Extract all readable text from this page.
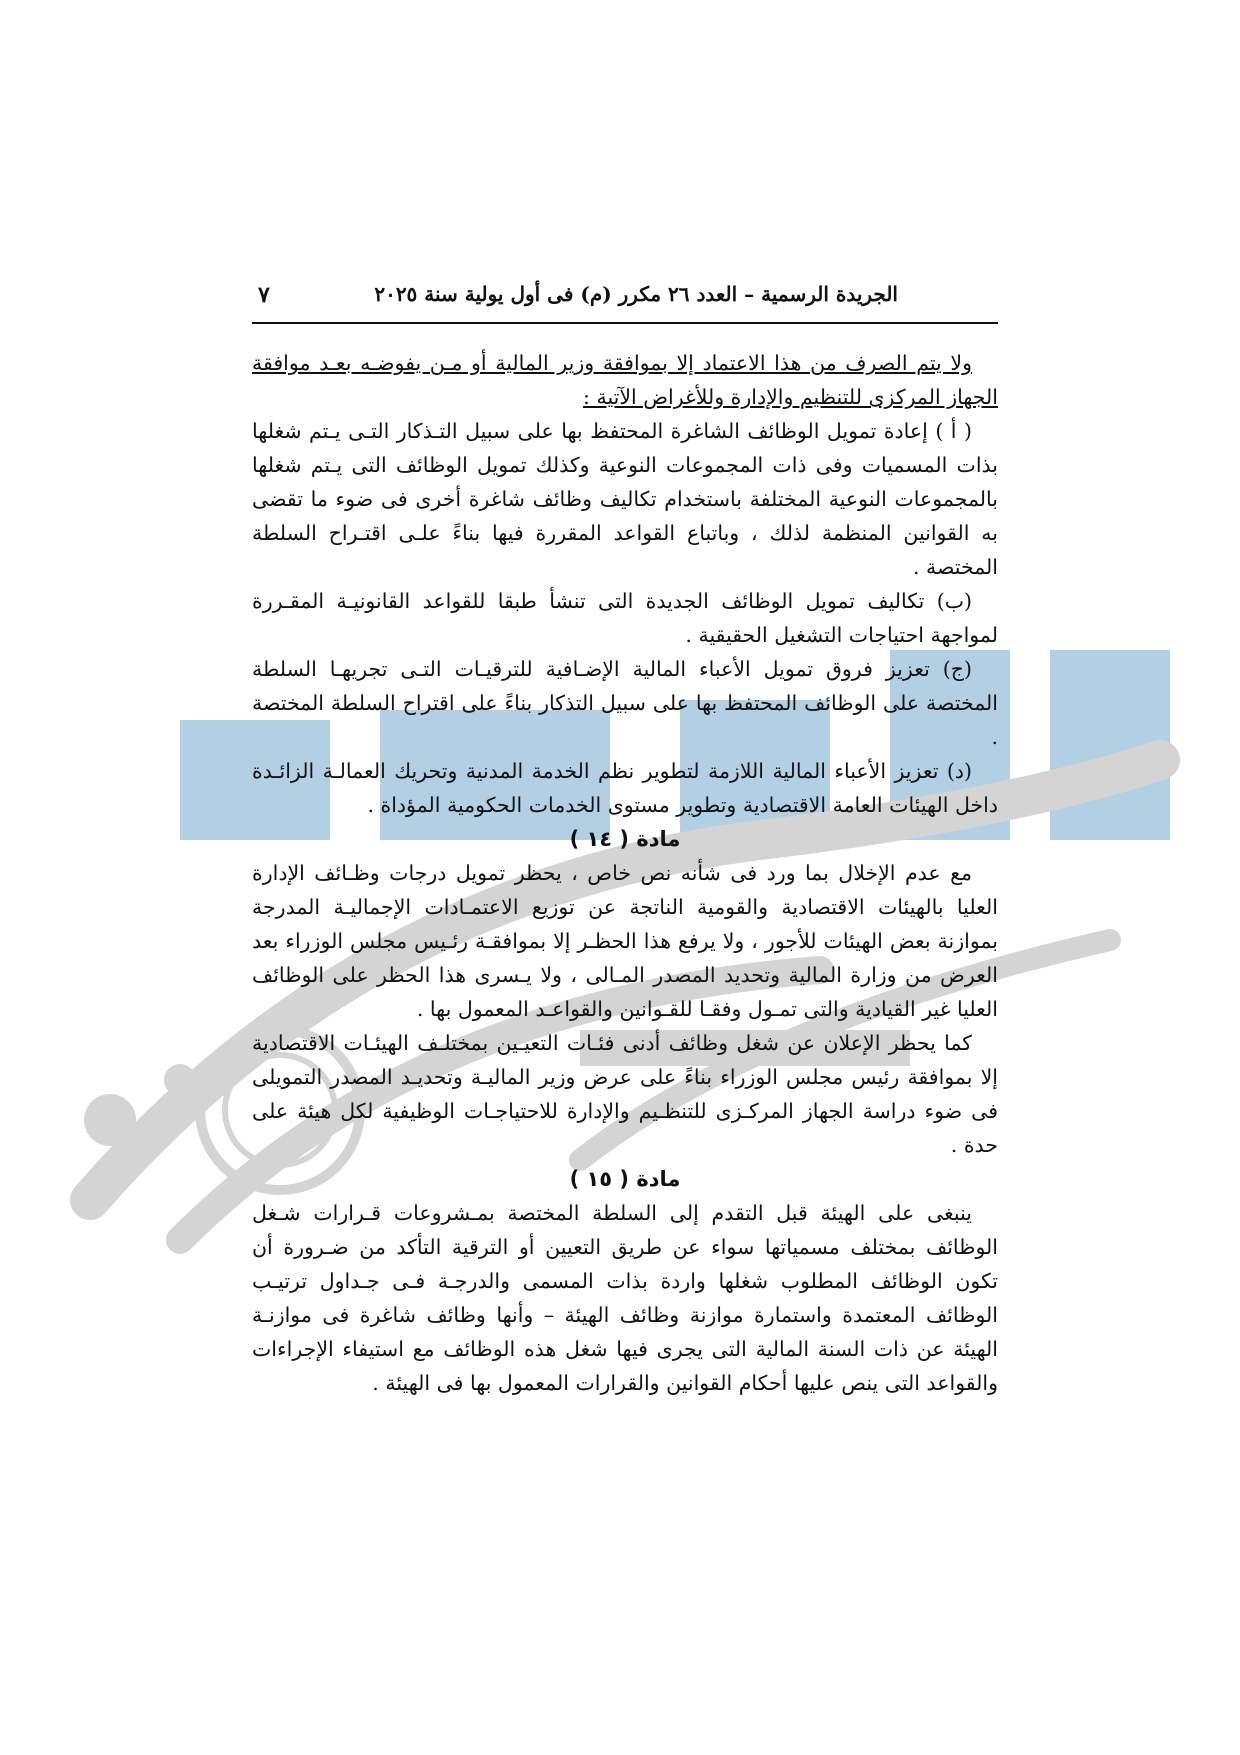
الجريدة الرسمية – العدد ٢٦ مكرر (م) فى أول يولية سنة ٢٠٢٥
٧

ولا يتم الصرف من هذا الاعتماد إلا بموافقة وزير المالية أو مـن يفوضـه بعـد موافقة الجهاز المركزى للتنظيم والإدارة وللأغراض الآتية :

( أ ) إعادة تمويل الوظائف الشاغرة المحتفظ بها على سبيل التـذكار التـى يـتم شغلها بذات المسميات وفى ذات المجموعات النوعية وكذلك تمويل الوظائف التى يـتم شغلها بالمجموعات النوعية المختلفة باستخدام تكاليف وظائف شاغرة أخرى فى ضوء ما تقضى به القوانين المنظمة لذلك ، وباتباع القواعد المقررة فيها بناءً علـى اقتـراح السلطة المختصة .

(ب) تكاليف تمويل الوظائف الجديدة التى تنشأ طبقا للقواعد القانونيـة المقـررة لمواجهة احتياجات التشغيل الحقيقية .

(ج) تعزيز فروق تمويل الأعباء المالية الإضـافية للترقيـات التـى تجريهـا السلطة المختصة على الوظائف المحتفظ بها على سبيل التذكار بناءً على اقتراح السلطة المختصة .

(د) تعزيز الأعباء المالية اللازمة لتطوير نظم الخدمة المدنية وتحريك العمالـة الزائـدة داخل الهيئات العامة الاقتصادية وتطوير مستوى الخدمات الحكومية المؤداة .

مادة ( ١٤ )

مع عدم الإخلال بما ورد فى شأنه نص خاص ، يحظر تمويل درجات وظـائف الإدارة العليا بالهيئات الاقتصادية والقومية الناتجة عن توزيع الاعتمـادات الإجماليـة المدرجة بموازنة بعض الهيئات للأجور ، ولا يرفع هذا الحظـر إلا بموافقـة رئـيس مجلس الوزراء بعد العرض من وزارة المالية وتحديد المصدر المـالى ، ولا يـسرى هذا الحظر على الوظائف العليا غير القيادية والتى تمـول وفقـا للقـوانين والقواعـد المعمول بها .

كما يحظر الإعلان عن شغل وظائف أدنى فئـات التعيـين بمختلـف الهيئـات الاقتصادية إلا بموافقة رئيس مجلس الوزراء بناءً على عرض وزير الماليـة وتحديـد المصدر التمويلى فى ضوء دراسة الجهاز المركـزى للتنظـيم والإدارة للاحتياجـات الوظيفية لكل هيئة على حدة .

مادة ( ١٥ )

ينبغى على الهيئة قبل التقدم إلى السلطة المختصة بمـشروعات قـرارات شـغل الوظائف بمختلف مسمياتها سواء عن طريق التعيين أو الترقية التأكد من ضـرورة أن تكون الوظائف المطلوب شغلها واردة بذات المسمى والدرجـة فـى جـداول ترتيـب الوظائف المعتمدة واستمارة موازنة وظائف الهيئة – وأنها وظائف شاغرة فى موازنـة الهيئة عن ذات السنة المالية التى يجرى فيها شغل هذه الوظائف مع استيفاء الإجراءات والقواعد التى ينص عليها أحكام القوانين والقرارات المعمول بها فى الهيئة .
